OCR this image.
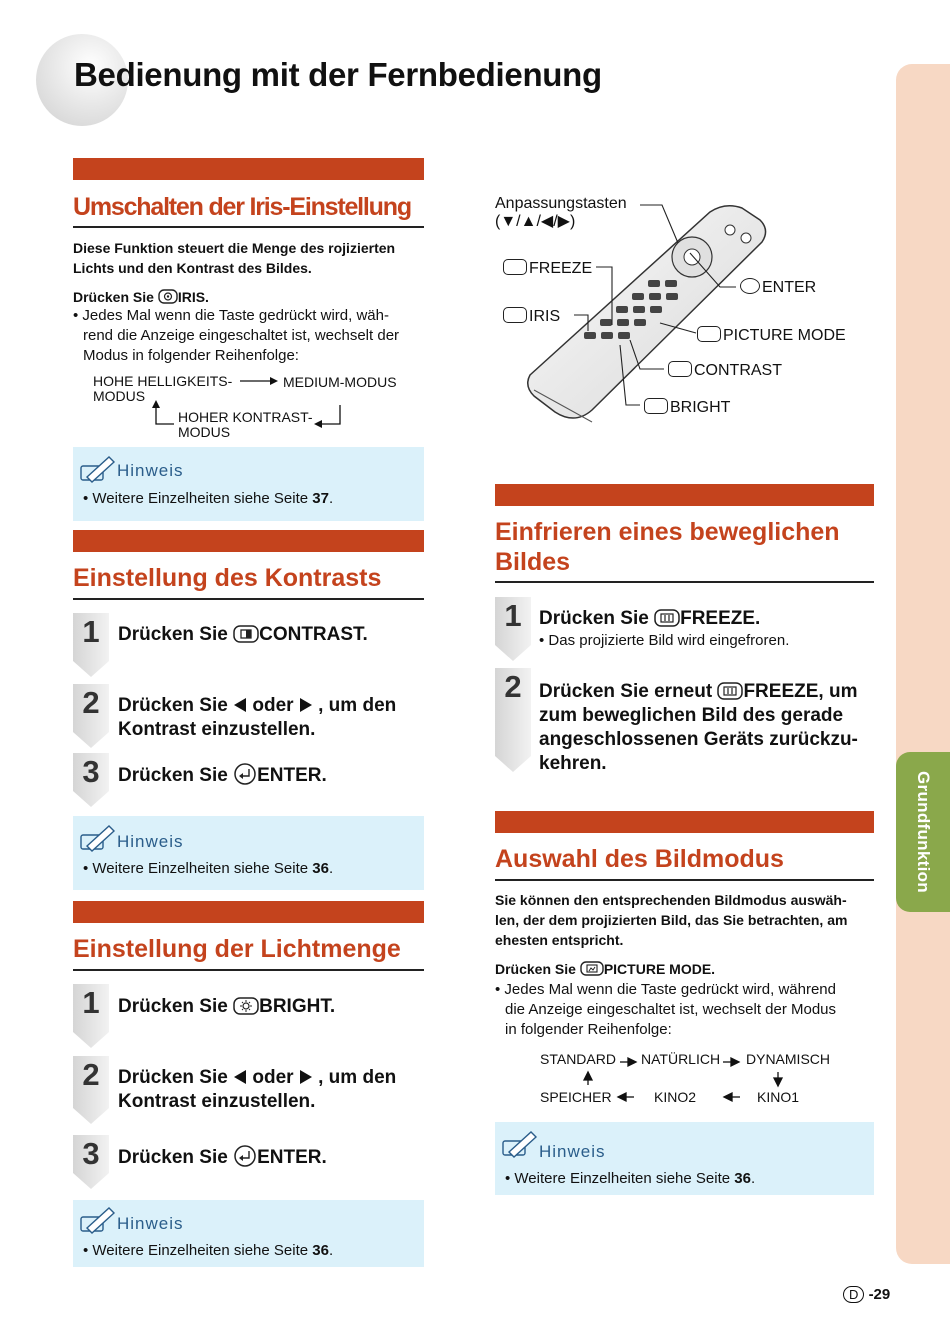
Bedienung mit der Fernbedienung
Grundfunktion
Umschalten der Iris-Einstellung
Diese Funktion steuert die Menge des rojizierten
Lichts und den Kontrast des Bildes.
Drücken Sie IRIS.
• Jedes Mal wenn die Taste gedrückt wird, wäh-
rend die Anzeige eingeschaltet ist, wechselt der
Modus in folgender Reihenfolge:
HOHE HELLIGKEITS-
MODUS
MEDIUM-MODUS
HOHER KONTRAST-
MODUS
Hinweis
• Weitere Einzelheiten siehe Seite 37.
Einstellung des Kontrasts
1 Drücken Sie CONTRAST.
2 Drücken Sie  oder  , um den
Kontrast einzustellen.
3 Drücken Sie ENTER.
Hinweis
• Weitere Einzelheiten siehe Seite 36.
Einstellung der Lichtmenge
1 Drücken Sie BRIGHT.
2 Drücken Sie  oder  , um den
Kontrast einzustellen.
3 Drücken Sie ENTER.
Hinweis
• Weitere Einzelheiten siehe Seite 36.
Anpassungstasten
(▼/▲/◀/▶)
FREEZE
IRIS
ENTER
PICTURE MODE
CONTRAST
BRIGHT
Einfrieren eines beweglichen
Bildes
1 Drücken Sie FREEZE.
• Das projizierte Bild wird eingefroren.
2 Drücken Sie erneut FREEZE, um
zum beweglichen Bild des gerade
angeschlossenen Geräts zurückzu-
kehren.
Auswahl des Bildmodus
Sie können den entsprechenden Bildmodus auswäh-
len, der dem projizierten Bild, das Sie betrachten, am
ehesten entspricht.
Drücken Sie PICTURE MODE.
• Jedes Mal wenn die Taste gedrückt wird, während
die Anzeige eingeschaltet ist, wechselt der Modus
in folgender Reihenfolge:
STANDARD NATÜRLICH DYNAMISCH
SPEICHER	KINO2	KINO1
Hinweis
• Weitere Einzelheiten siehe Seite 36.
D -29
